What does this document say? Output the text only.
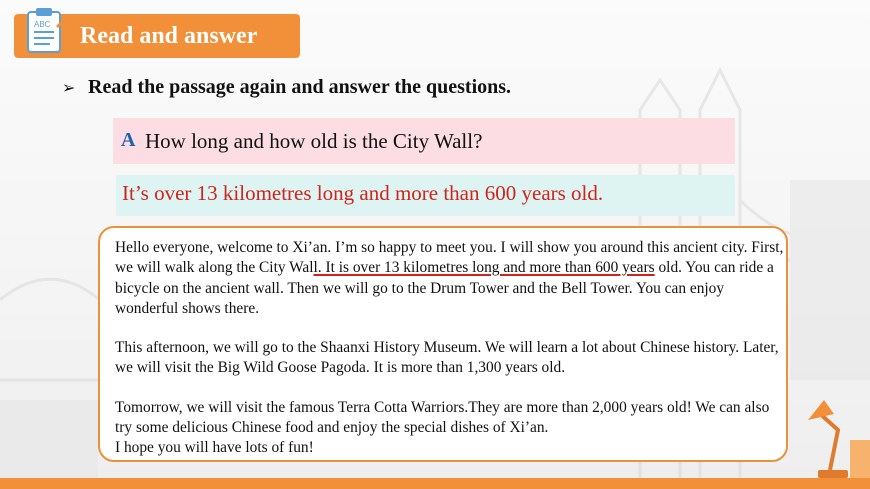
ABC Read and answer
➢ Read the passage again and answer the questions.
A How long and how old is the City Wall?
It’s over 13 kilometres long and more than 600 years old.

Hello everyone, welcome to Xi’an. I’m so happy to meet you. I will show you around this ancient city. First, we will walk along the City Wall. It is over 13 kilometres long and more than 600 years old. You can ride a bicycle on the ancient wall. Then we will go to the Drum Tower and the Bell Tower. You can enjoy wonderful shows there.

This afternoon, we will go to the Shaanxi History Museum. We will learn a lot about Chinese history. Later, we will visit the Big Wild Goose Pagoda. It is more than 1,300 years old.

Tomorrow, we will visit the famous Terra Cotta Warriors.They are more than 2,000 years old! We can also try some delicious Chinese food and enjoy the special dishes of Xi’an.

I hope you will have lots of fun!
